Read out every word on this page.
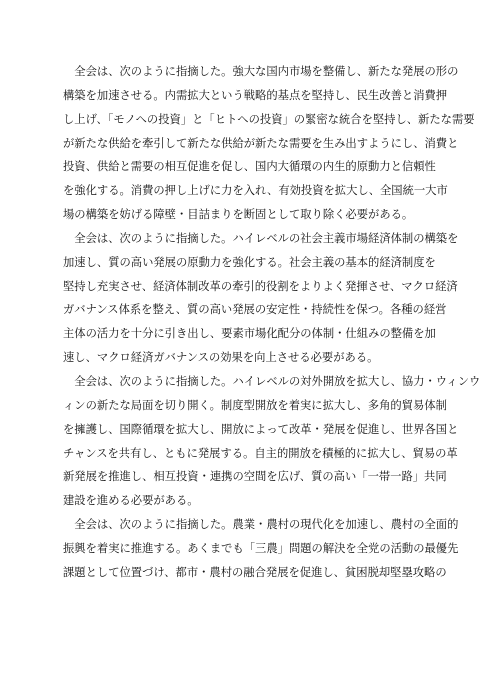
　全会は、次のように指摘した。強大な国内市場を整備し、新たな発展の形の
構築を加速させる。内需拡大という戦略的基点を堅持し、民生改善と消費押
し上げ、「モノへの投資」と「ヒトへの投資」の緊密な統合を堅持し、新たな需要
が新たな供給を牽引して新たな供給が新たな需要を生み出すようにし、消費と
投資、供給と需要の相互促進を促し、国内大循環の内生的原動力と信頼性
を強化する。消費の押し上げに力を入れ、有効投資を拡大し、全国統一大市
場の構築を妨げる障壁・目詰まりを断固として取り除く必要がある。
　全会は、次のように指摘した。ハイレベルの社会主義市場経済体制の構築を
加速し、質の高い発展の原動力を強化する。社会主義の基本的経済制度を
堅持し充実させ、経済体制改革の牽引的役割をよりよく発揮させ、マクロ経済
ガバナンス体系を整え、質の高い発展の安定性・持続性を保つ。各種の経営
主体の活力を十分に引き出し、要素市場化配分の体制・仕組みの整備を加
速し、マクロ経済ガバナンスの効果を向上させる必要がある。
　全会は、次のように指摘した。ハイレベルの対外開放を拡大し、協力・ウィンウ
ィンの新たな局面を切り開く。制度型開放を着実に拡大し、多角的貿易体制
を擁護し、国際循環を拡大し、開放によって改革・発展を促進し、世界各国と
チャンスを共有し、ともに発展する。自主的開放を積極的に拡大し、貿易の革
新発展を推進し、相互投資・連携の空間を広げ、質の高い「一帯一路」共同
建設を進める必要がある。
　全会は、次のように指摘した。農業・農村の現代化を加速し、農村の全面的
振興を着実に推進する。あくまでも「三農」問題の解決を全党の活動の最優先
課題として位置づけ、都市・農村の融合発展を促進し、貧困脱却堅塁攻略の
